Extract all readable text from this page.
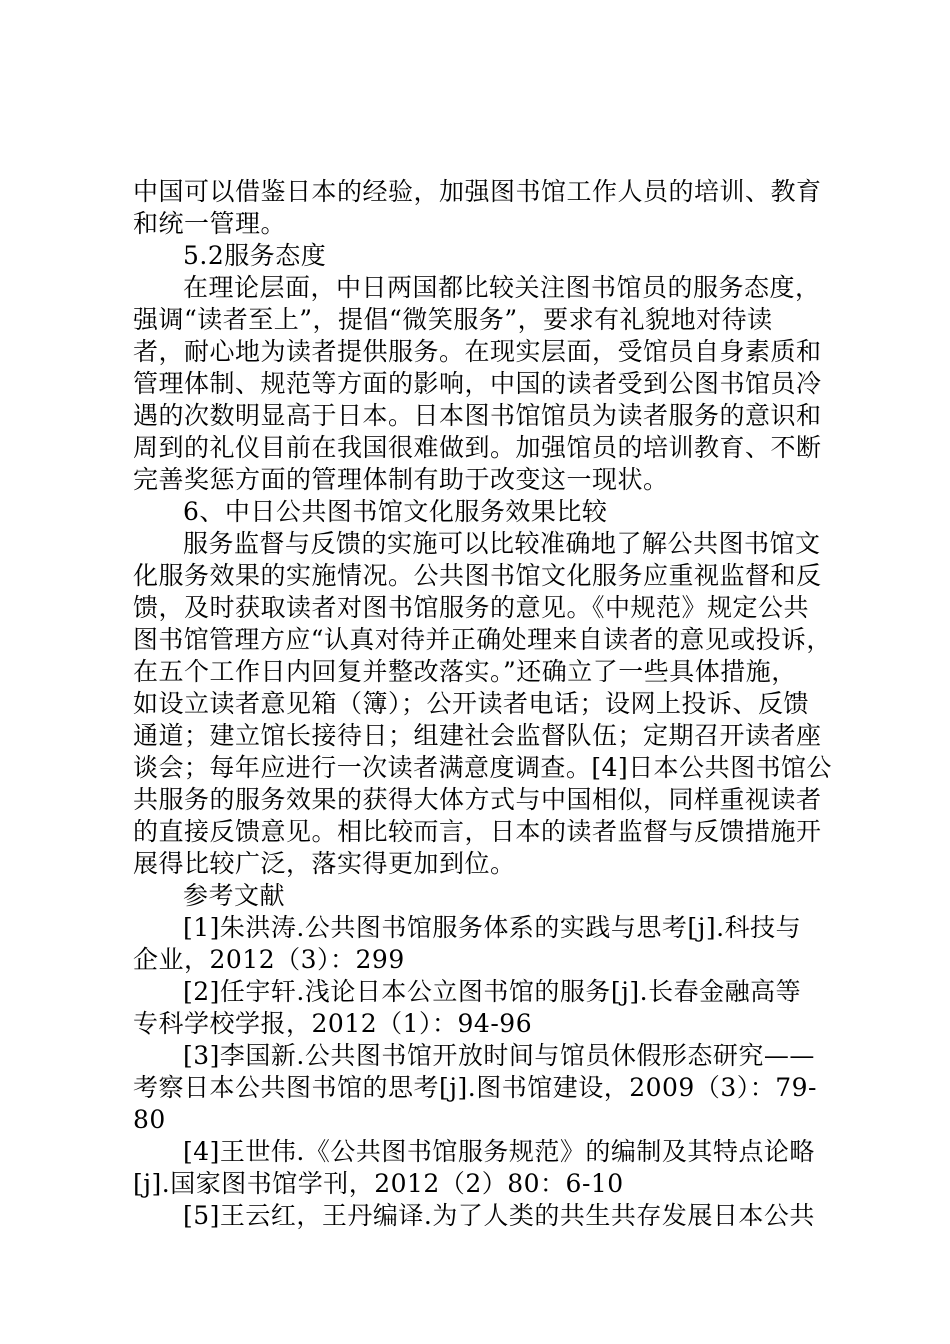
中国可以借鉴日本的经验，加强图书馆工作人员的培训、教育
和统一管理。
5.2服务态度
在理论层面，中日两国都比较关注图书馆员的服务态度，
强调“读者至上”，提倡“微笑服务”，要求有礼貌地对待读
者，耐心地为读者提供服务。在现实层面，受馆员自身素质和
管理体制、规范等方面的影响，中国的读者受到公图书馆员冷
遇的次数明显高于日本。日本图书馆馆员为读者服务的意识和
周到的礼仪目前在我国很难做到。加强馆员的培训教育、不断
完善奖惩方面的管理体制有助于改变这一现状。
6、中日公共图书馆文化服务效果比较
服务监督与反馈的实施可以比较准确地了解公共图书馆文
化服务效果的实施情况。公共图书馆文化服务应重视监督和反
馈，及时获取读者对图书馆服务的意见。《中规范》规定公共
图书馆管理方应“认真对待并正确处理来自读者的意见或投诉，
在五个工作日内回复并整改落实。”还确立了一些具体措施，
如设立读者意见箱（簿）；公开读者电话；设网上投诉、反馈
通道；建立馆长接待日；组建社会监督队伍；定期召开读者座
谈会；每年应进行一次读者满意度调查。[4]日本公共图书馆公
共服务的服务效果的获得大体方式与中国相似，同样重视读者
的直接反馈意见。相比较而言，日本的读者监督与反馈措施开
展得比较广泛，落实得更加到位。
参考文献
[1]朱洪涛.公共图书馆服务体系的实践与思考[j].科技与
企业，2012（3）：299
[2]任宇轩.浅论日本公立图书馆的服务[j].长春金融高等
专科学校学报，2012（1）：94-96
[3]李国新.公共图书馆开放时间与馆员休假形态研究——
考察日本公共图书馆的思考[j].图书馆建设，2009（3）：79-
80
[4]王世伟.《公共图书馆服务规范》的编制及其特点论略
[j].国家图书馆学刊，2012（2）80：6-10
[5]王云红，王丹编译.为了人类的共生共存发展日本公共
